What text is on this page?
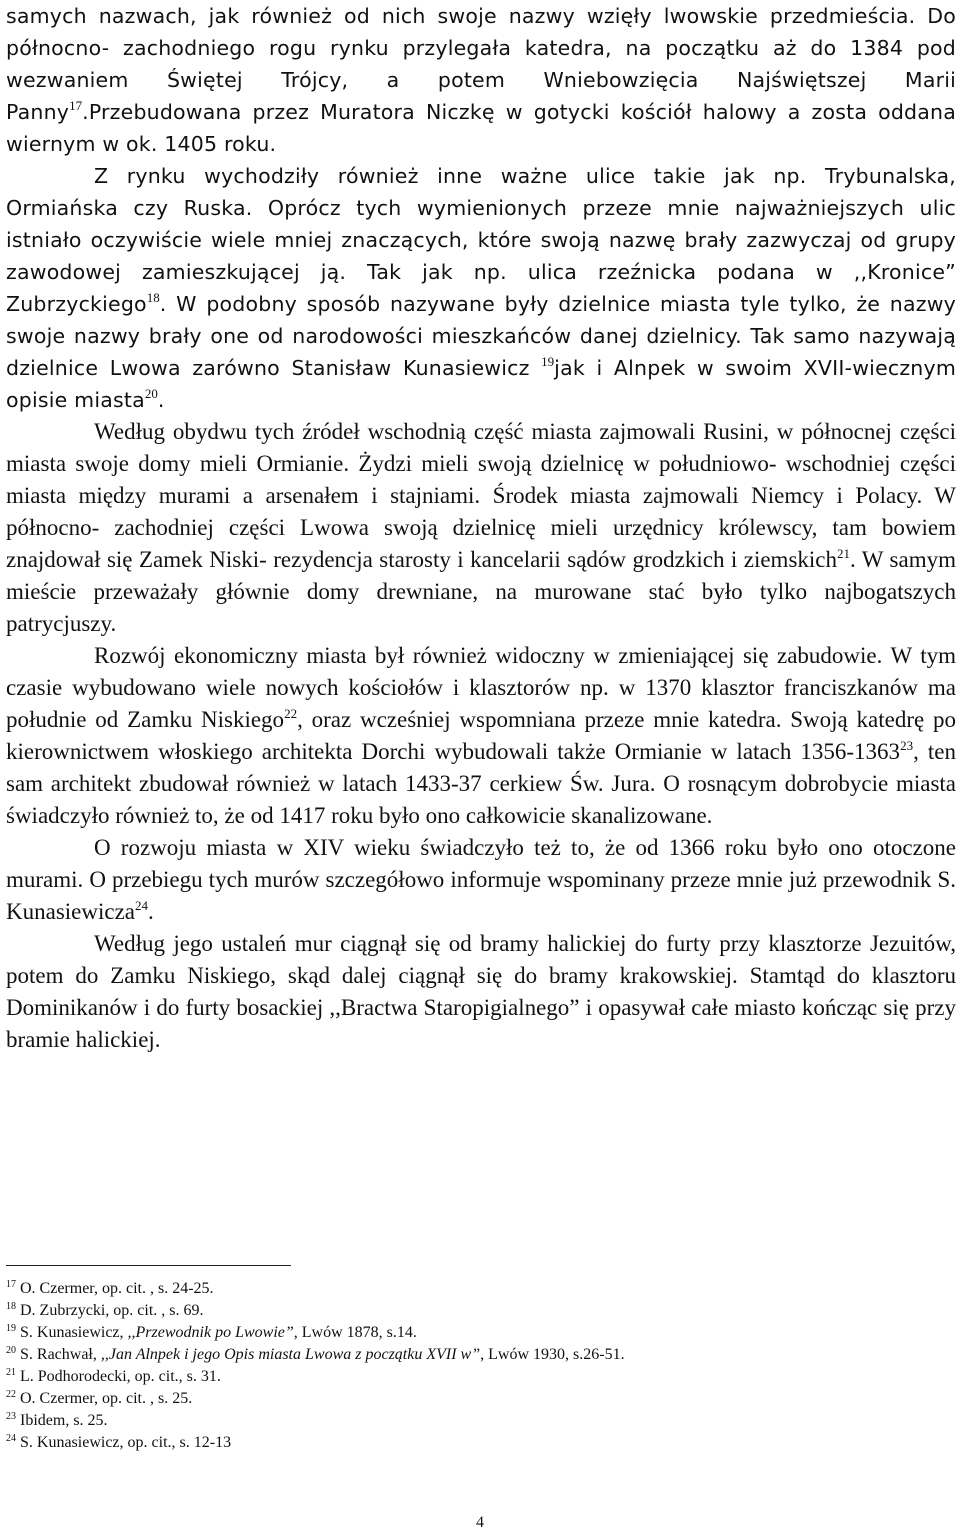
samych nazwach, jak również od nich swoje nazwy wzięły lwowskie przedmieścia. Do północno- zachodniego rogu rynku przylegała katedra, na początku aż do 1384 pod wezwaniem Świętej Trójcy, a potem Wniebowzięcia Najświętszej Marii Panny$^{17}$.Przebudowana przez Muratora Niczkę w gotycki kościół halowy a zosta oddana wiernym w ok. 1405 roku.

Z rynku wychodziły również inne ważne ulice takie jak np. Trybunalska, Ormiańska czy Ruska. Oprócz tych wymienionych przeze mnie najważniejszych ulic istniało oczywiście wiele mniej znaczących, które swoją nazwę brały zazwyczaj od grupy zawodowej zamieszkującej ją. Tak jak np. ulica rzeźnicka podana w ,,Kronice” Zubrzyckiego$^{18}$. W podobny sposób nazywane były dzielnice miasta tyle tylko, że nazwy swoje nazwy brały one od narodowości mieszkańców danej dzielnicy. Tak samo nazywają dzielnice Lwowa zarówno Stanisław Kunasiewicz $^{19}$jak i Alnpek w swoim XVII-wiecznym opisie miasta$^{20}$.

Według obydwu tych źródeł wschodnią część miasta zajmowali Rusini, w północnej części miasta swoje domy mieli Ormianie. Żydzi mieli swoją dzielnicę w południowo- wschodniej części miasta między murami a arsenałem i stajniami. Środek miasta zajmowali Niemcy i Polacy. W północno- zachodniej części Lwowa swoją dzielnicę mieli urzędnicy królewscy, tam bowiem znajdował się Zamek Niski- rezydencja starosty i kancelarii sądów grodzkich i ziemskich$^{21}$. W samym mieście przeważały głównie domy drewniane, na murowane stać było tylko najbogatszych patrycjuszy.

Rozwój ekonomiczny miasta był również widoczny w zmieniającej się zabudowie. W tym czasie wybudowano wiele nowych kościołów i klasztorów np. w 1370 klasztor franciszkanów ma południe od Zamku Niskiego$^{22}$, oraz wcześniej wspomniana przeze mnie katedra. Swoją katedrę po kierownictwem włoskiego architekta Dorchi wybudowali także Ormianie w latach 1356-1363$^{23}$, ten sam architekt zbudował również w latach 1433-37 cerkiew Św. Jura. O rosnącym dobrobycie miasta świadczyło również to, że od 1417 roku było ono całkowicie skanalizowane.

O rozwoju miasta w XIV wieku świadczyło też to, że od 1366 roku było ono otoczone murami. O przebiegu tych murów szczegółowo informuje wspominany przeze mnie już przewodnik S. Kunasiewicza$^{24}$.

Według jego ustaleń mur ciągnął się od bramy halickiej do furty przy klasztorze Jezuitów, potem do Zamku Niskiego, skąd dalej ciągnął się do bramy krakowskiej. Stamtąd do klasztoru Dominikanów i do furty bosackiej ,,Bractwa Staropigialnego” i opasywał całe miasto kończąc się przy bramie halickiej.

$^{17}$ O. Czermer, op. cit. , s. 24-25.
$^{18}$ D. Zubrzycki, op. cit. , s. 69.
$^{19}$ S. Kunasiewicz, ,,Przewodnik po Lwowie”, Lwów 1878, s.14.
$^{20}$ S. Rachwał, ,,Jan Alnpek i jego Opis miasta Lwowa z początku XVII w”, Lwów 1930, s.26-51.
$^{21}$ L. Podhorodecki, op. cit., s. 31.
$^{22}$ O. Czermer, op. cit. , s. 25.
$^{23}$ Ibidem, s. 25.
$^{24}$ S. Kunasiewicz, op. cit., s. 12-13
4
